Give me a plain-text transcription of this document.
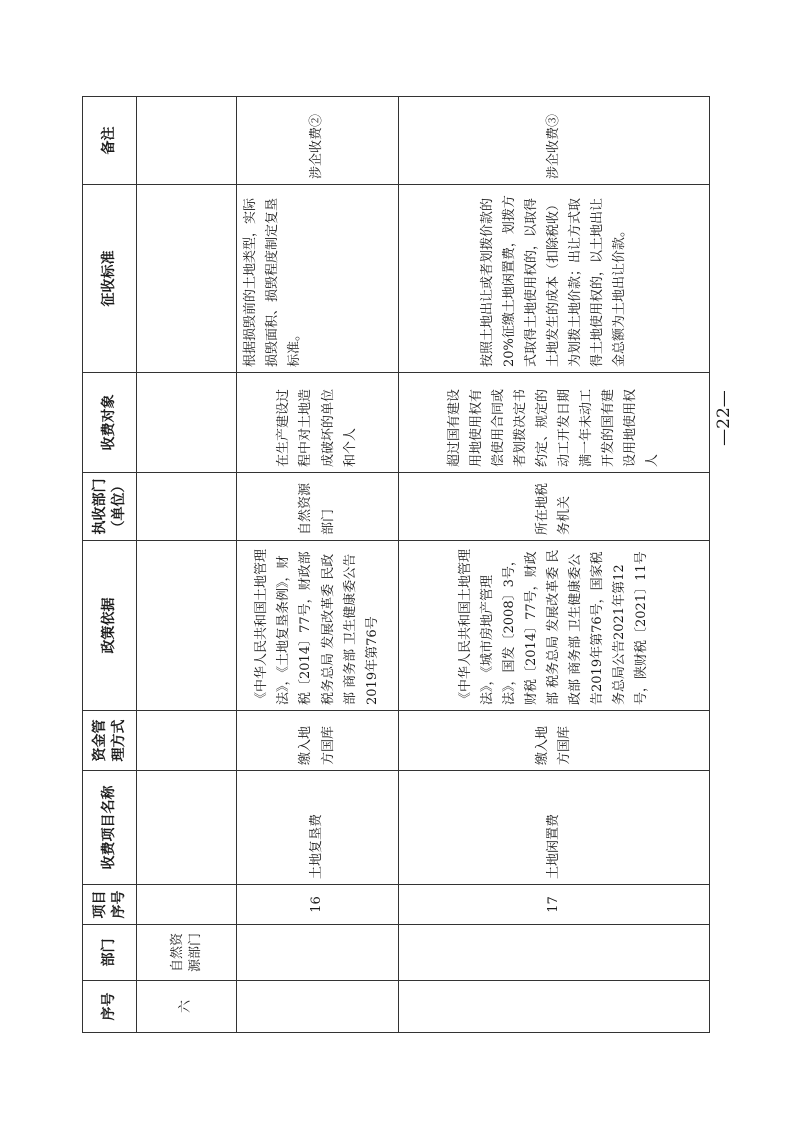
序号	部门	项目序号	收费项目名称	资金管理方式	政策依据	执收部门（单位）	收费对象	征收标准	备注
六	自然资源部门								

		16	土地复垦费	缴入地方国库	《中华人民共和国土地管理法》，《土地复垦条例》，财税〔2014〕77号，财政部 税务总局 发展改革委 民政部 商务部 卫生健康委公告2019年第76号	自然资源部门	在生产建设过程中对土地造成破坏的单位和个人	根据损毁前的土地类型，实际损毁面积、损毁程度制定复垦标准。	涉企收费②
		17	土地闲置费	缴入地方国库	《中华人民共和国土地管理法》，《城市房地产管理法》，国发〔2008〕3号，财税〔2014〕77号，财政部 税务总局 发展改革委 民政部 商务部 卫生健康委公告2019年第76号，国家税务总局公告2021年第12号，陕财税〔2021〕11号	所在地税务机关	超过国有建设用地使用权有偿使用合同或者划拨决定书约定、规定的动工开发日期满一年未动工开发的国有建设用地使用权人	按照土地出让或者划拨价款的20%征缴土地闲置费，划拨方式取得土地使用权的，以取得土地发生的成本（扣除税收）为划拨土地价款；出让方式取得土地使用权的，以土地出让金总额为土地出让价款。	涉企收费③
—22—
